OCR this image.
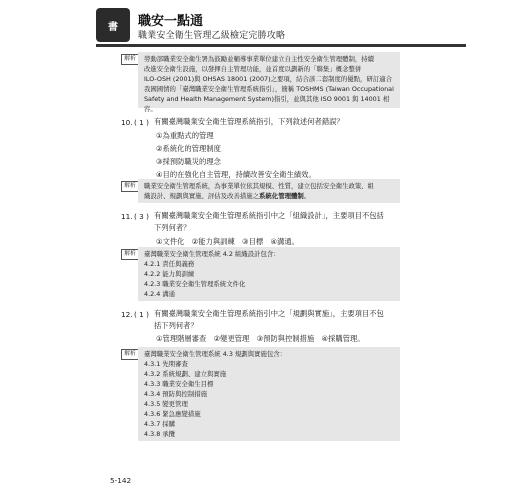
書	職安一點通
職業安全衛生管理乙級檢定完勝攻略
解析	勞動部職業安全衛生署為鼓勵並輔導事業單位建立自主性安全衛生管理體制，持續

改進安全衛生設施，以發揮自主管理功能，並首度以劃新的「聯集」概念整併

ILO-OSH (2001)與 OHSAS 18001 (2007)之要項，結合該二套制度的優點，研訂適合

我國國情的「臺灣職業安全衛生管理系統指引」，簡稱 TOSHMS (Taiwan Occupational

Safety and Health Management System)指引，並與其他 ISO 9001 與 14001 相容。

10. ( 1 ) 有關臺灣職業安全衛生管理系統指引，下列敘述何者錯誤？
①為重點式的管理
②系統化的管理制度
③採預防職災的理念
④目的在強化自主管理，持續改善安全衛生績效。
解析	職業安全衛生管理系統，為事業單位依其規模、性質，建立包括安全衛生政策、組

織設計、規劃與實施、評估及改善措施之系統化管理體制。

11. ( 3 ) 有關臺灣職業安全衛生管理系統指引中之「組織設計」，主要項目不包括
下列何者？
①文件化　②能力與訓練　③目標　④溝通。
解析	臺灣職業安全衛生管理系統 4.2 組織設計包含：

4.2.1 責任與義務

4.2.2 能力與訓練

4.2.3 職業安全衛生管理系統文件化

4.2.4 溝通

12. ( 1 ) 有關臺灣職業安全衛生管理系統指引中之「規劃與實施」，主要項目不包
括下列何者？
①管理階層審查　②變更管理　③預防與控制措施　④採購管理。
解析	臺灣職業安全衛生管理系統 4.3 規劃與實施包含：

4.3.1 先期審查

4.3.2 系統規劃、建立與實施

4.3.3 職業安全衛生目標

4.3.4 預防與控制措施

4.3.5 變更管理

4.3.6 緊急應變措施

4.3.7 採購

4.3.8 承攬

5-142
